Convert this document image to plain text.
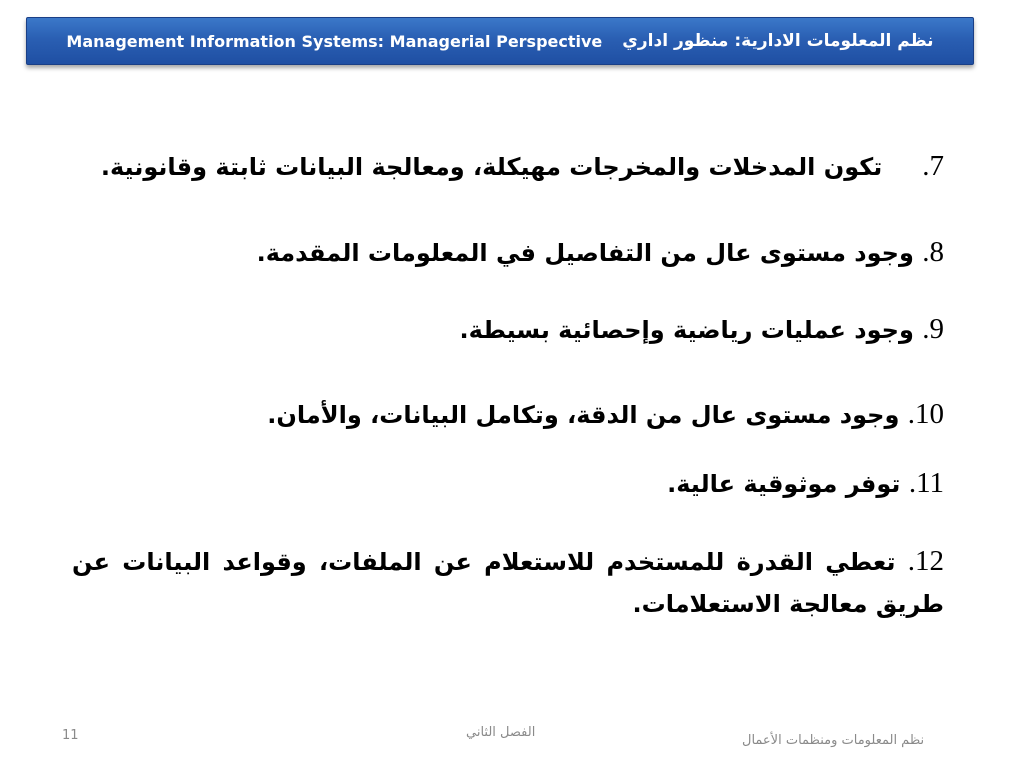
Management Information Systems: Managerial Perspective نظم المعلومات الادارية: منظور اداري
7.تكون المدخلات والمخرجات مهيكلة، ومعالجة البيانات ثابتة وقانونية.
8. وجود مستوى عال من التفاصيل في المعلومات المقدمة.
9. وجود عمليات رياضية وإحصائية بسيطة.
10. وجود مستوى عال من الدقة، وتكامل البيانات، والأمان.
11. توفر موثوقية عالية.
12. تعطي القدرة للمستخدم للاستعلام عن الملفات، وقواعد البيانات عن طريق معالجة الاستعلامات.
11	الفصل الثاني
نظم المعلومات ومنظمات الأعمال
